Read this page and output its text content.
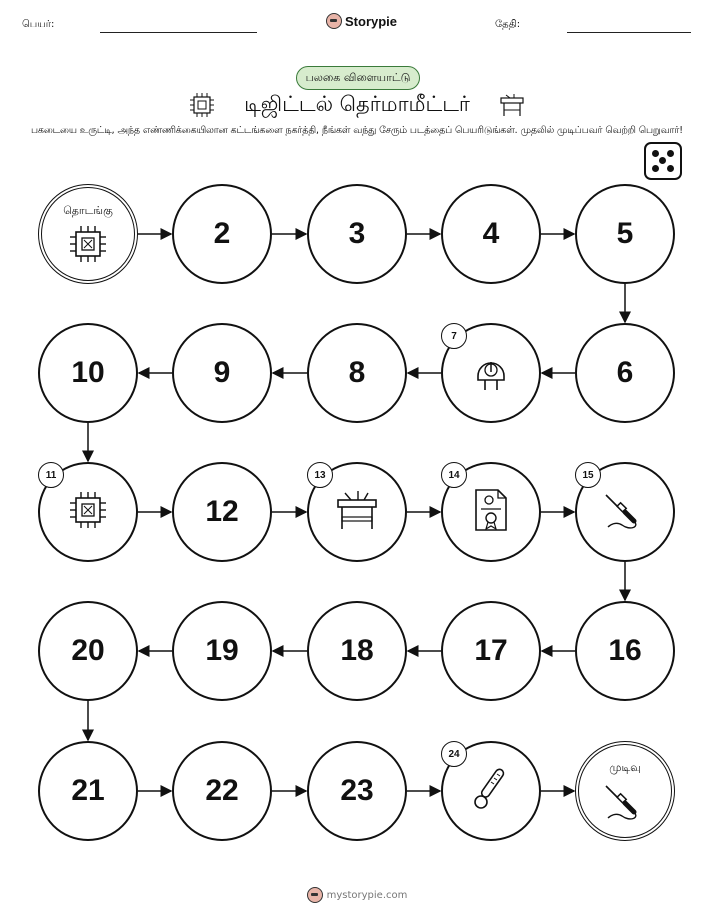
பெயர்:	Storypie	தேதி:
பலகை விளையாட்டு
டிஜிட்டல் தெர்மாமீட்டர்
பகடையை உருட்டி, அந்த எண்ணிக்கையிலான கட்டங்களை நகர்த்தி, நீங்கள் வந்து சேரும் படத்தைப் பெயரிடுங்கள். முதலில் முடிப்பவர் வெற்றி பெறுவார்!
தொடங்கு
2	3	4	5
6
7
8
9
10
11
12
13	14	15
16
17
18
19
20
21	22	23
24
முடிவு
mystorypie.com
